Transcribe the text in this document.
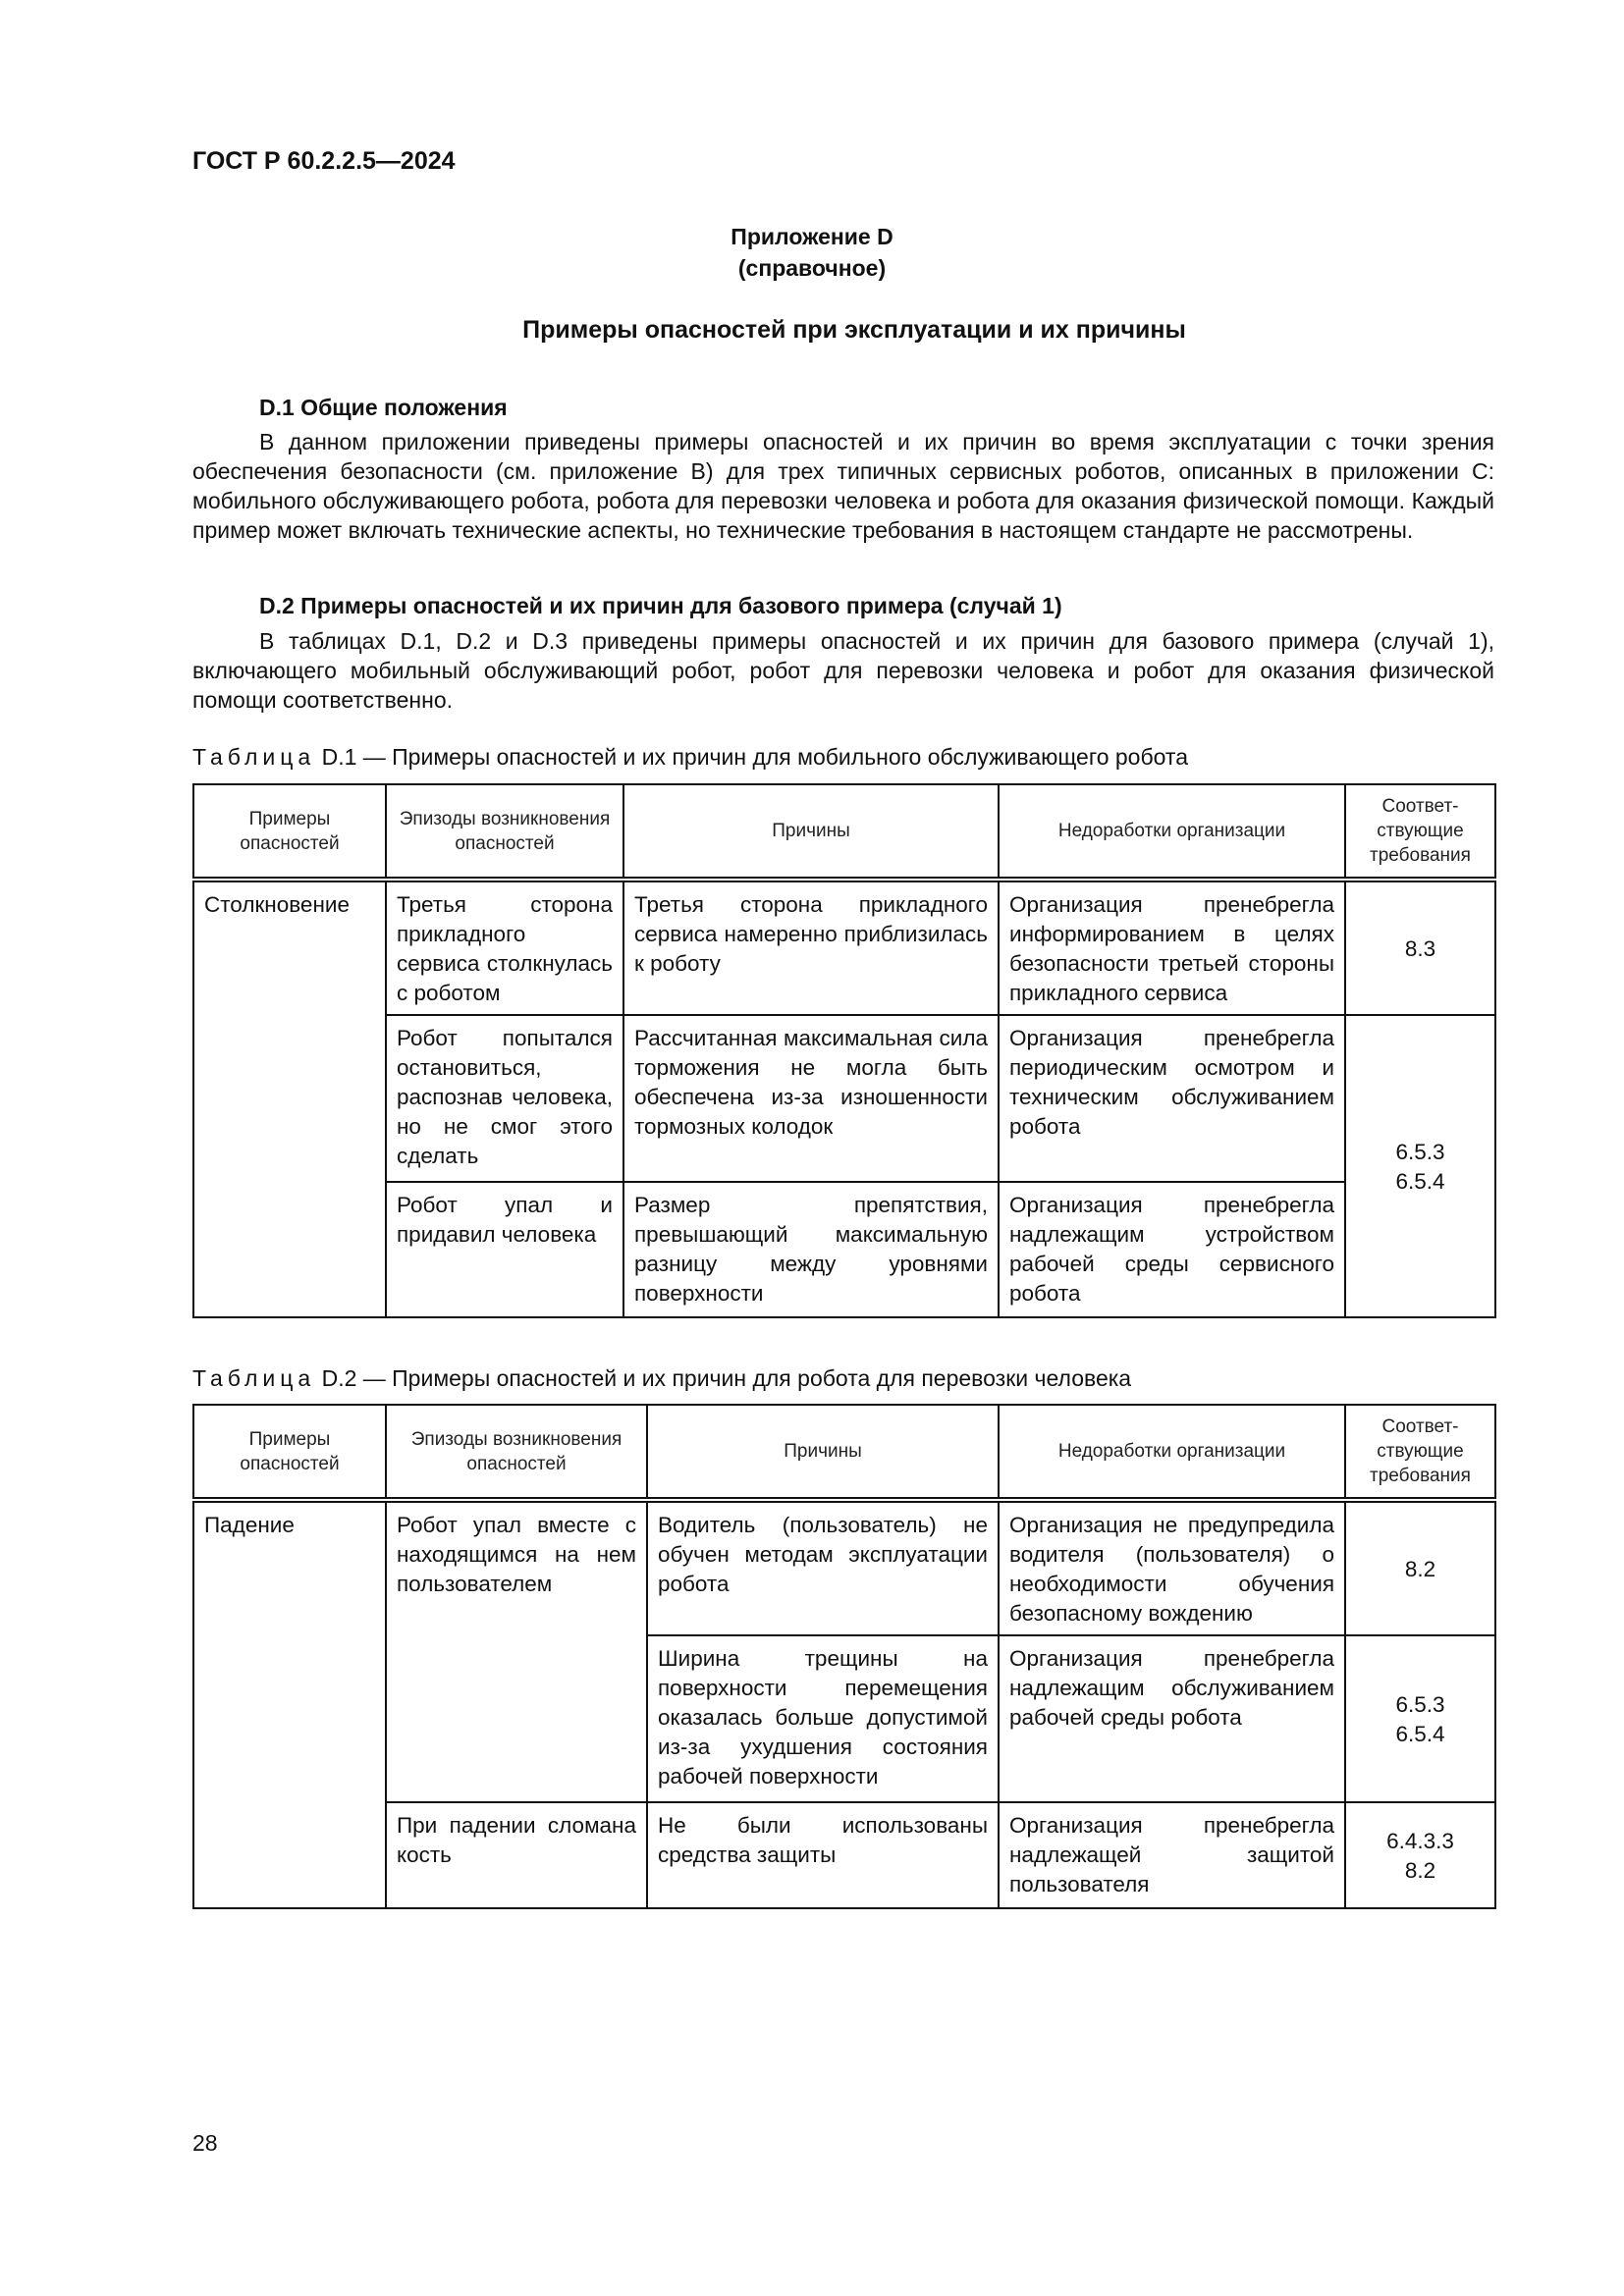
ГОСТ Р 60.2.2.5—2024
Приложение D
(справочное)
Примеры опасностей при эксплуатации и их причины
D.1 Общие положения

В данном приложении приведены примеры опасностей и их причин во время эксплуатации с точки зрения обеспечения безопасности (см. приложение В) для трех типичных сервисных роботов, описанных в приложении С: мобильного обслуживающего робота, робота для перевозки человека и робота для оказания физической помощи. Каждый пример может включать технические аспекты, но технические требования в настоящем стандарте не рассмотрены.

D.2 Примеры опасностей и их причин для базового примера (случай 1)

В таблицах D.1, D.2 и D.3 приведены примеры опасностей и их причин для базового примера (случай 1), включающего мобильный обслуживающий робот, робот для перевозки человека и робот для оказания физической помощи соответственно.

Таблица D.1 — Примеры опасностей и их причин для мобильного обслуживающего робота
Примеры опасностей	Эпизоды возникновения опасностей	Причины	Недоработки организации	Соответ-ствующие требования
Столкновение	Третья сторона прикладного сервиса столкнулась с роботом	Третья сторона прикладного сервиса намеренно приблизилась к роботу	Организация пренебрегла информированием в целях безопасности третьей стороны прикладного сервиса	8.3

	Робот попытался остановиться, распознав человека, но не смог этого сделать	Рассчитанная максимальная сила торможения не могла быть обеспечена из-за изношенности тормозных колодок	Организация пренебрегла периодическим осмотром и техническим обслуживанием робота	6.5.3
6.5.4

	Робот упал и придавил человека	Размер препятствия, превышающий максимальную разницу между уровнями поверхности	Организация пренебрегла надлежащим устройством рабочей среды сервисного робота	
Таблица D.2 — Примеры опасностей и их причин для робота для перевозки человека
Примеры опасностей	Эпизоды возникновения опасностей	Причины	Недоработки организации	Соответ-ствующие требования
Падение	Робот упал вместе с находящимся на нем пользователем	Водитель (пользователь) не обучен методам эксплуатации робота	Организация не предупредила водителя (пользователя) о необходимости обучения безопасному вождению	8.2

		Ширина трещины на поверхности перемещения оказалась больше допустимой из-за ухудшения состояния рабочей поверхности	Организация пренебрегла надлежащим обслуживанием рабочей среды робота	6.5.3
6.5.4

	При падении сломана кость	Не были использованы средства защиты	Организация пренебрегла надлежащей защитой пользователя	6.4.3.3
8.2
28
